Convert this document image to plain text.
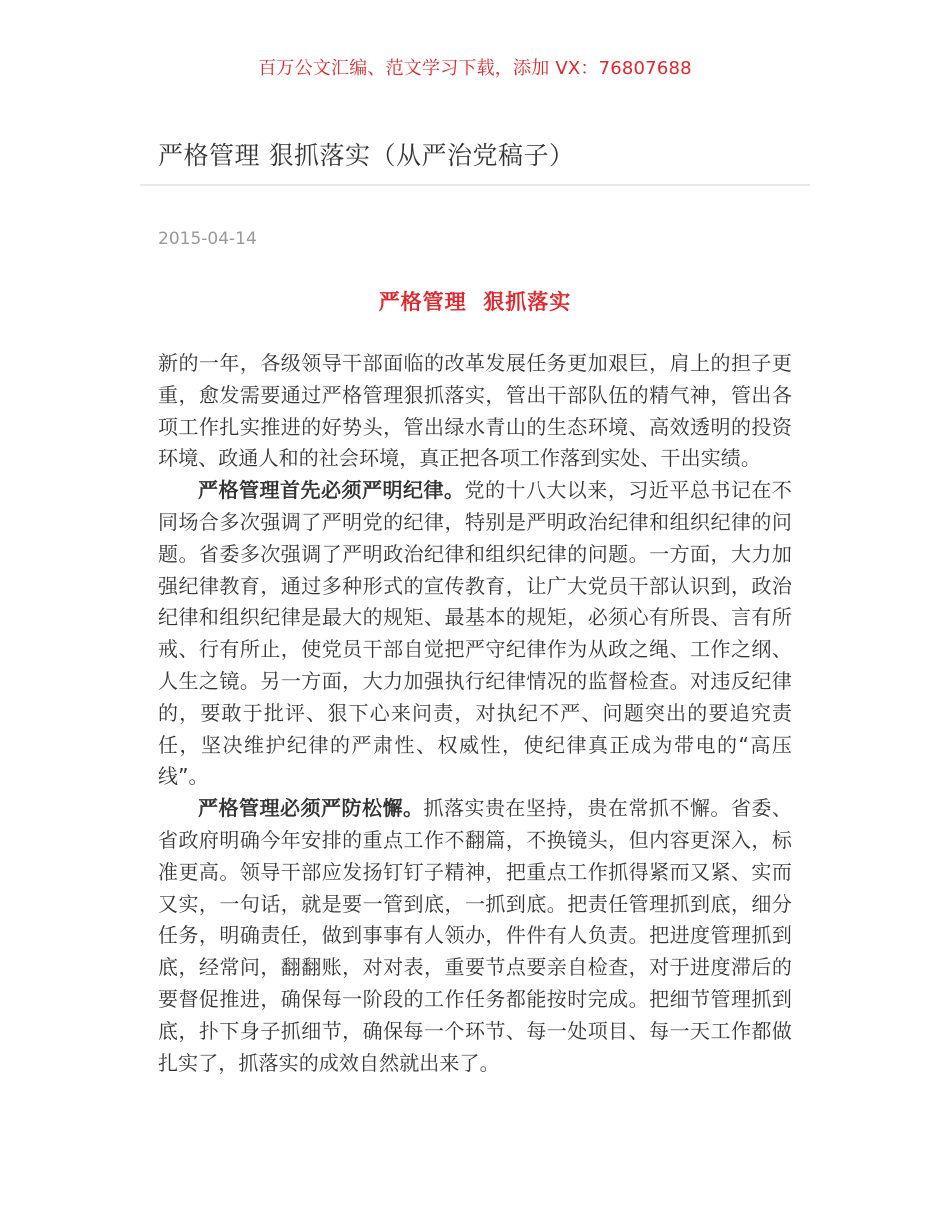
百万公文汇编、范文学习下载，添加 VX：76807688
严格管理 狠抓落实（从严治党稿子）
2015-04-14
严格管理  狠抓落实

新的一年，各级领导干部面临的改革发展任务更加艰巨，肩上的担子更重，愈发需要通过严格管理狠抓落实，管出干部队伍的精气神，管出各项工作扎实推进的好势头，管出绿水青山的生态环境、高效透明的投资环境、政通人和的社会环境，真正把各项工作落到实处、干出实绩。

严格管理首先必须严明纪律。党的十八大以来，习近平总书记在不同场合多次强调了严明党的纪律，特别是严明政治纪律和组织纪律的问题。省委多次强调了严明政治纪律和组织纪律的问题。一方面，大力加强纪律教育，通过多种形式的宣传教育，让广大党员干部认识到，政治纪律和组织纪律是最大的规矩、最基本的规矩，必须心有所畏、言有所戒、行有所止，使党员干部自觉把严守纪律作为从政之绳、工作之纲、人生之镜。另一方面，大力加强执行纪律情况的监督检查。对违反纪律的，要敢于批评、狠下心来问责，对执纪不严、问题突出的要追究责任，坚决维护纪律的严肃性、权威性，使纪律真正成为带电的“高压线”。

严格管理必须严防松懈。抓落实贵在坚持，贵在常抓不懈。省委、省政府明确今年安排的重点工作不翻篇，不换镜头，但内容更深入，标准更高。领导干部应发扬钉钉子精神，把重点工作抓得紧而又紧、实而又实，一句话，就是要一管到底，一抓到底。把责任管理抓到底，细分任务，明确责任，做到事事有人领办，件件有人负责。把进度管理抓到底，经常问，翻翻账，对对表，重要节点要亲自检查，对于进度滞后的要督促推进，确保每一阶段的工作任务都能按时完成。把细节管理抓到底，扑下身子抓细节，确保每一个环节、每一处项目、每一天工作都做扎实了，抓落实的成效自然就出来了。
